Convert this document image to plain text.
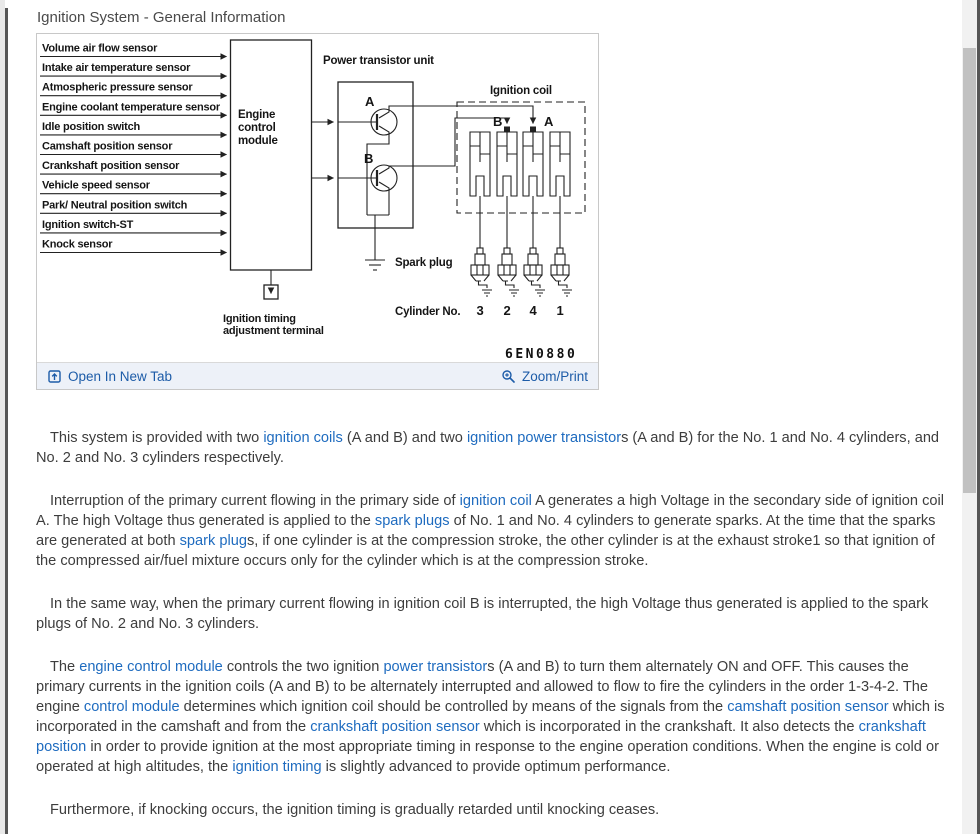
Ignition System - General Information
Volume air flow sensor
Intake air temperature sensor
Atmospheric pressure sensor
Engine coolant temperature sensor
Idle position switch
Camshaft position sensor
Crankshaft position sensor
Vehicle speed sensor
Park/ Neutral position switch
Ignition switch-ST
Knock sensor
Engine
control
module
Ignition timing
adjustment terminal
Power transistor unit
A
B
Ignition coil
B	A
Spark plug
Cylinder No. 3 2 4 1
6EN0880
Open In New Tab	Zoom/Print

This system is provided with two ignition coils (A and B) and two ignition power transistors (A and B) for the No. 1 and No. 4 cylinders, and No. 2 and No. 3 cylinders respectively.

Interruption of the primary current flowing in the primary side of ignition coil A generates a high Voltage in the secondary side of ignition coil A. The high Voltage thus generated is applied to the spark plugs of No. 1 and No. 4 cylinders to generate sparks. At the time that the sparks are generated at both spark plugs, if one cylinder is at the compression stroke, the other cylinder is at the exhaust stroke1 so that ignition of the compressed air/fuel mixture occurs only for the cylinder which is at the compression stroke.

In the same way, when the primary current flowing in ignition coil B is interrupted, the high Voltage thus generated is applied to the spark plugs of No. 2 and No. 3 cylinders.

The engine control module controls the two ignition power transistors (A and B) to turn them alternately ON and OFF. This causes the primary currents in the ignition coils (A and B) to be alternately interrupted and allowed to flow to fire the cylinders in the order 1-3-4-2. The engine control module determines which ignition coil should be controlled by means of the signals from the camshaft position sensor which is incorporated in the camshaft and from the crankshaft position sensor which is incorporated in the crankshaft. It also detects the crankshaft position in order to provide ignition at the most appropriate timing in response to the engine operation conditions. When the engine is cold or operated at high altitudes, the ignition timing is slightly advanced to provide optimum performance.

Furthermore, if knocking occurs, the ignition timing is gradually retarded until knocking ceases.
